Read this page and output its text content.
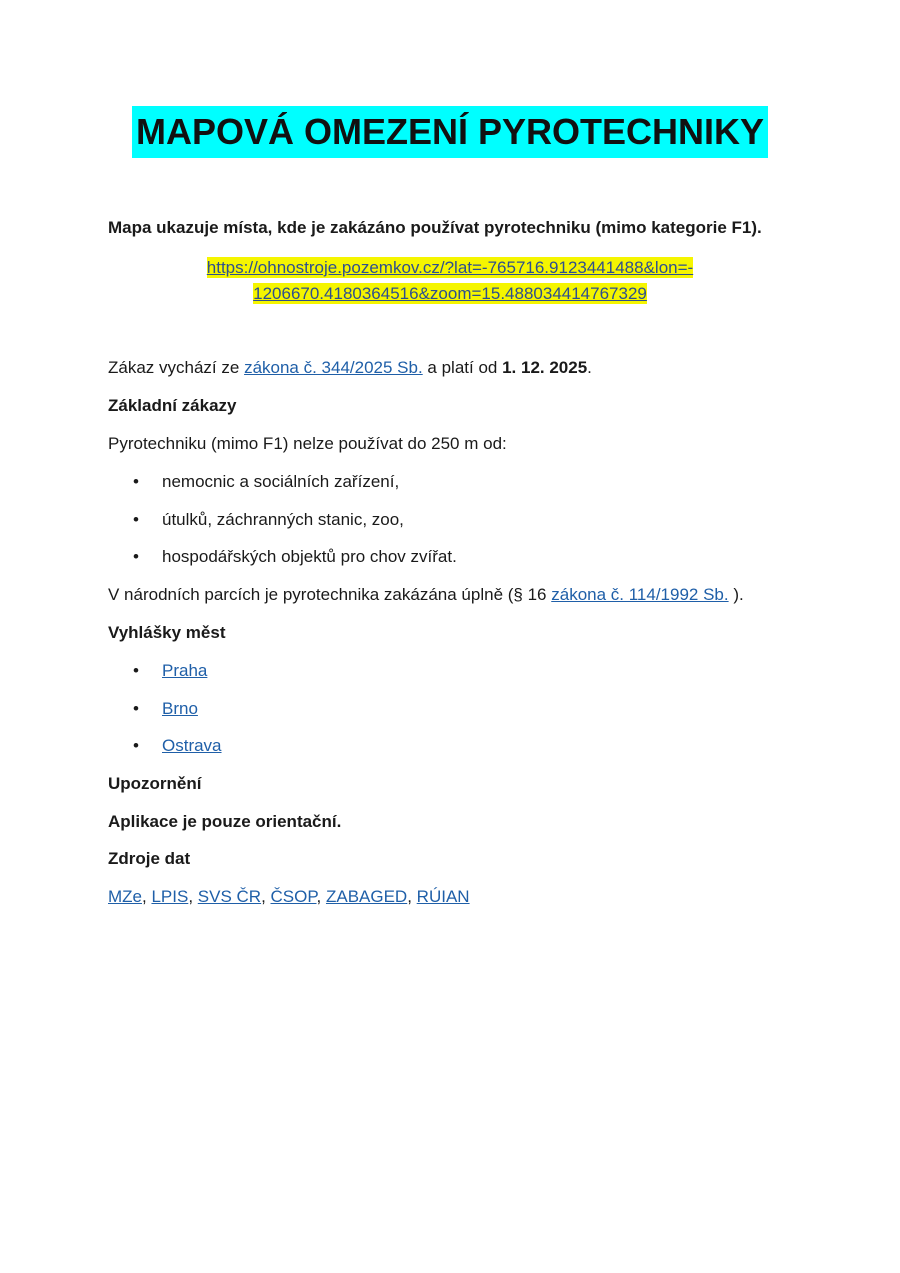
MAPOVÁ OMEZENÍ PYROTECHNIKY
Mapa ukazuje místa, kde je zakázáno používat pyrotechniku (mimo kategorie F1).
https://ohnostroje.pozemkov.cz/?lat=-765716.9123441488&lon=-
1206670.4180364516&zoom=15.488034414767329
Zákaz vychází ze zákona č. 344/2025 Sb. a platí od 1. 12. 2025.
Základní zákazy
Pyrotechniku (mimo F1) nelze používat do 250 m od:
• nemocnic a sociálních zařízení,
• útulků, záchranných stanic, zoo,
• hospodářských objektů pro chov zvířat.
V národních parcích je pyrotechnika zakázána úplně (§ 16 zákona č. 114/1992 Sb. ).
Vyhlášky měst
• Praha
• Brno
• Ostrava
Upozornění
Aplikace je pouze orientační.
Zdroje dat
MZe, LPIS, SVS ČR, ČSOP, ZABAGED, RÚIAN
